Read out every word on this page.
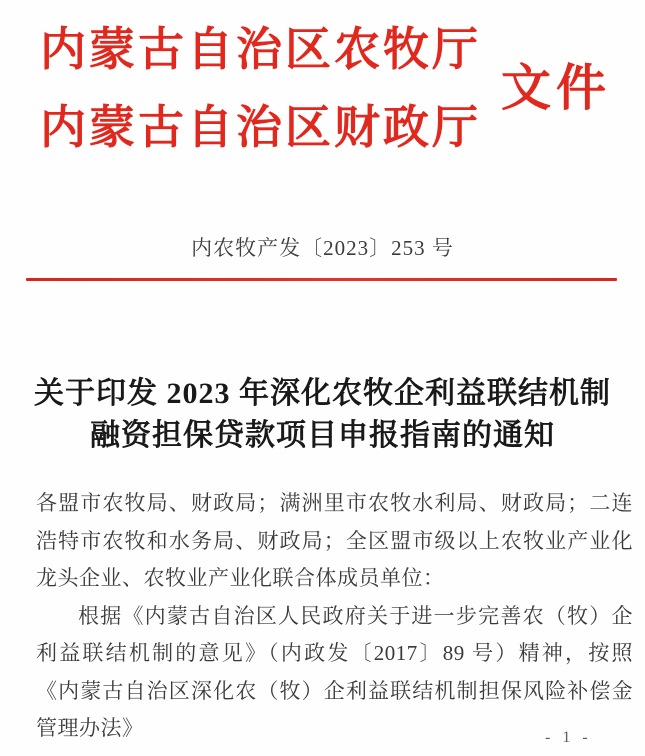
内蒙古自治区农牧厅
内蒙古自治区财政厅
文件
内农牧产发〔2023〕253 号
关于印发 2023 年深化农牧企利益联结机制
融资担保贷款项目申报指南的通知

各盟市农牧局、财政局；满洲里市农牧水利局、财政局；二连浩特市农牧和水务局、财政局；全区盟市级以上农牧业产业化龙头企业、农牧业产业化联合体成员单位：

根据《内蒙古自治区人民政府关于进一步完善农（牧）企利益联结机制的意见》（内政发〔2017〕89 号）精神，按照《内蒙古自治区深化农（牧）企利益联结机制担保风险补偿金管理办法》	- 1 -
